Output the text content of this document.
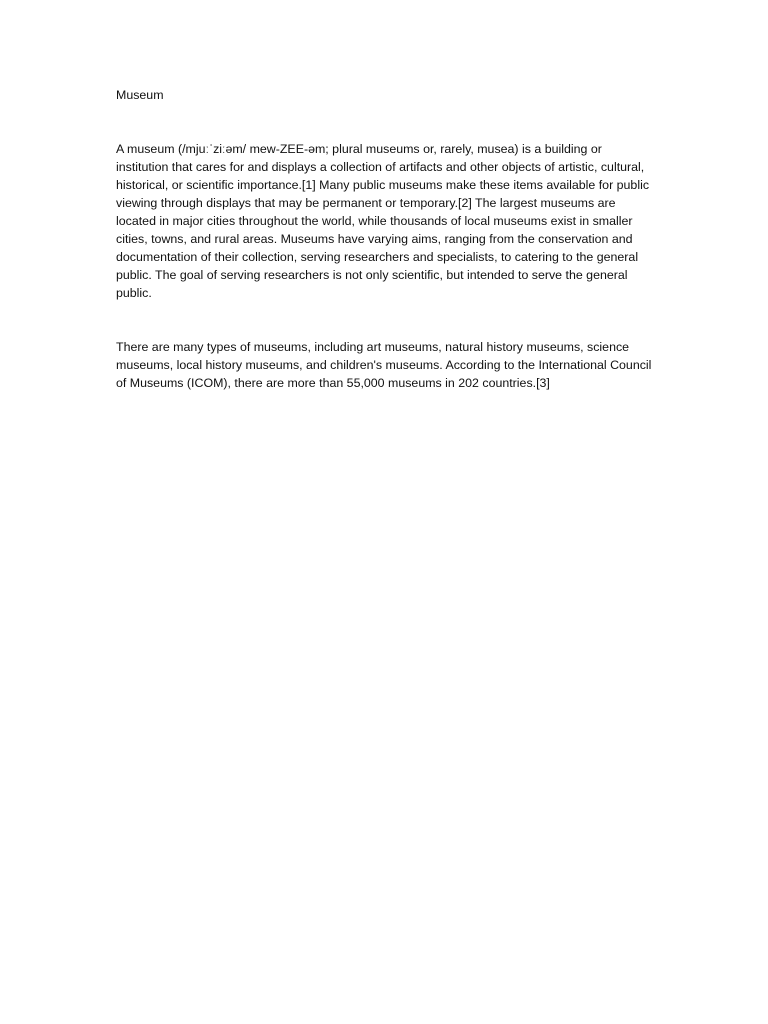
Museum

A museum (/mjuːˈziːəm/ mew-ZEE-əm; plural museums or, rarely, musea) is a building or institution that cares for and displays a collection of artifacts and other objects of artistic, cultural, historical, or scientific importance.[1] Many public museums make these items available for public viewing through displays that may be permanent or temporary.[2] The largest museums are located in major cities throughout the world, while thousands of local museums exist in smaller cities, towns, and rural areas. Museums have varying aims, ranging from the conservation and documentation of their collection, serving researchers and specialists, to catering to the general public. The goal of serving researchers is not only scientific, but intended to serve the general public.

There are many types of museums, including art museums, natural history museums, science museums, local history museums, and children's museums. According to the International Council of Museums (ICOM), there are more than 55,000 museums in 202 countries.[3]
